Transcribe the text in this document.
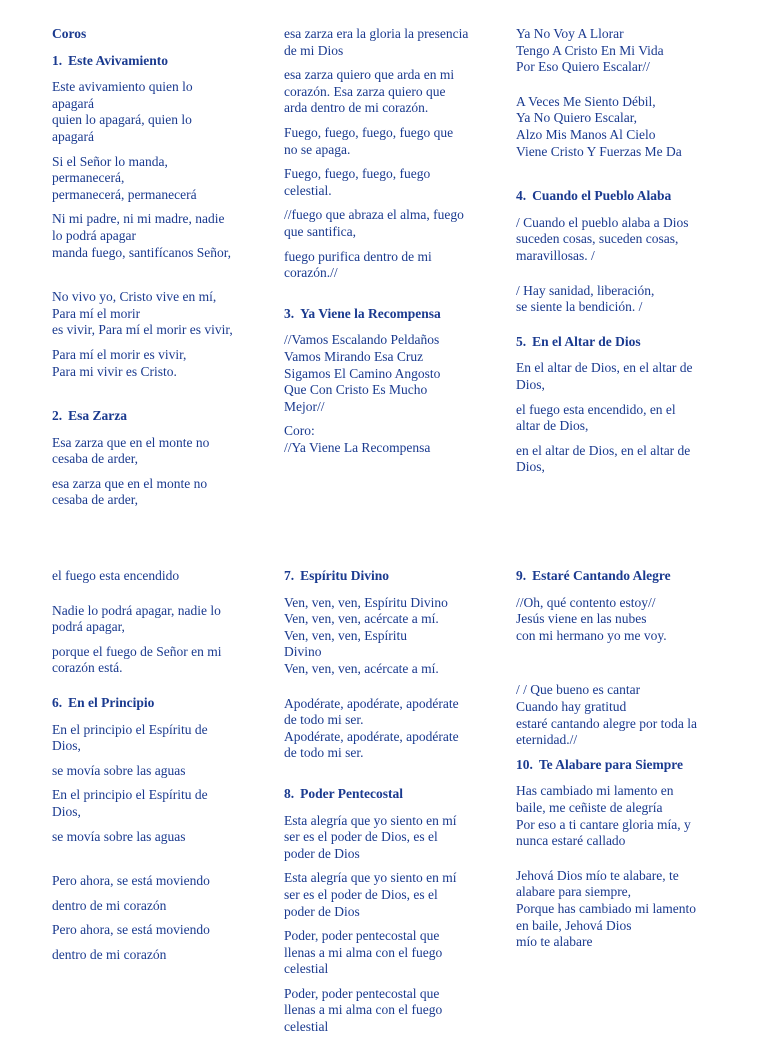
Coros
1. Este Avivamiento
Este avivamiento quien lo
apagará
quien lo apagará, quien lo
apagará
Si el Señor lo manda,
permanecerá,
permanecerá, permanecerá
Ni mi padre, ni mi madre, nadie
lo podrá apagar
manda fuego, santifícanos Señor,
No vivo yo, Cristo vive en mí,
Para mí el morir
es vivir, Para mí el morir es vivir,
Para mí el morir es vivir,
Para mi vivir es Cristo.
2. Esa Zarza
Esa zarza que en el monte no
cesaba de arder,
esa zarza que en el monte no
cesaba de arder,
esa zarza era la gloria la presencia
de mi Dios
esa zarza quiero que arda en mi
corazón. Esa zarza quiero que
arda dentro de mi corazón.
Fuego, fuego, fuego, fuego que
no se apaga.
Fuego, fuego, fuego, fuego
celestial.
//fuego que abraza el alma, fuego
que santifica,
fuego purifica dentro de mi
corazón.//
3. Ya Viene la Recompensa
//Vamos Escalando Peldaños
Vamos Mirando Esa Cruz
Sigamos El Camino Angosto
Que Con Cristo Es Mucho
Mejor//
Coro:
//Ya Viene La Recompensa
Ya No Voy A Llorar
Tengo A Cristo En Mi Vida
Por Eso Quiero Escalar//
A Veces Me Siento Débil,
Ya No Quiero Escalar,
Alzo Mis Manos Al Cielo
Viene Cristo Y Fuerzas Me Da
4. Cuando el Pueblo Alaba
/ Cuando el pueblo alaba a Dios
suceden cosas, suceden cosas,
maravillosas. /
/ Hay sanidad, liberación,
se siente la bendición. /
5. En el Altar de Dios
En el altar de Dios, en el altar de
Dios,
el fuego esta encendido, en el
altar de Dios,
en el altar de Dios, en el altar de
Dios,
el fuego esta encendido
Nadie lo podrá apagar, nadie lo
podrá apagar,
porque el fuego de Señor en mi
corazón está.
6. En el Principio
En el principio el Espíritu de
Dios,
se movía sobre las aguas
En el principio el Espíritu de
Dios,
se movía sobre las aguas
Pero ahora, se está moviendo
dentro de mi corazón
Pero ahora, se está moviendo
dentro de mi corazón
7. Espíritu Divino
Ven, ven, ven, Espíritu Divino
Ven, ven, ven, acércate a mí.
Ven, ven, ven, Espíritu
Divino
Ven, ven, ven, acércate a mí.
Apodérate, apodérate, apodérate
de todo mi ser.
Apodérate, apodérate, apodérate
de todo mi ser.
8. Poder Pentecostal
Esta alegría que yo siento en mí
ser es el poder de Dios, es el
poder de Dios
Esta alegría que yo siento en mí
ser es el poder de Dios, es el
poder de Dios
Poder, poder pentecostal que
llenas a mi alma con el fuego
celestial
Poder, poder pentecostal que
llenas a mi alma con el fuego
celestial
9. Estaré Cantando Alegre
//Oh, qué contento estoy//
Jesús viene en las nubes
con mi hermano yo me voy.
/ / Que bueno es cantar
Cuando hay gratitud
estaré cantando alegre por toda la
eternidad.//
10. Te Alabare para Siempre
Has cambiado mi lamento en
baile, me ceñiste de alegría
Por eso a ti cantare gloria mía, y
nunca estaré callado
Jehová Dios mío te alabare, te
alabare para siempre,
Porque has cambiado mi lamento
en baile, Jehová Dios
mío te alabare
